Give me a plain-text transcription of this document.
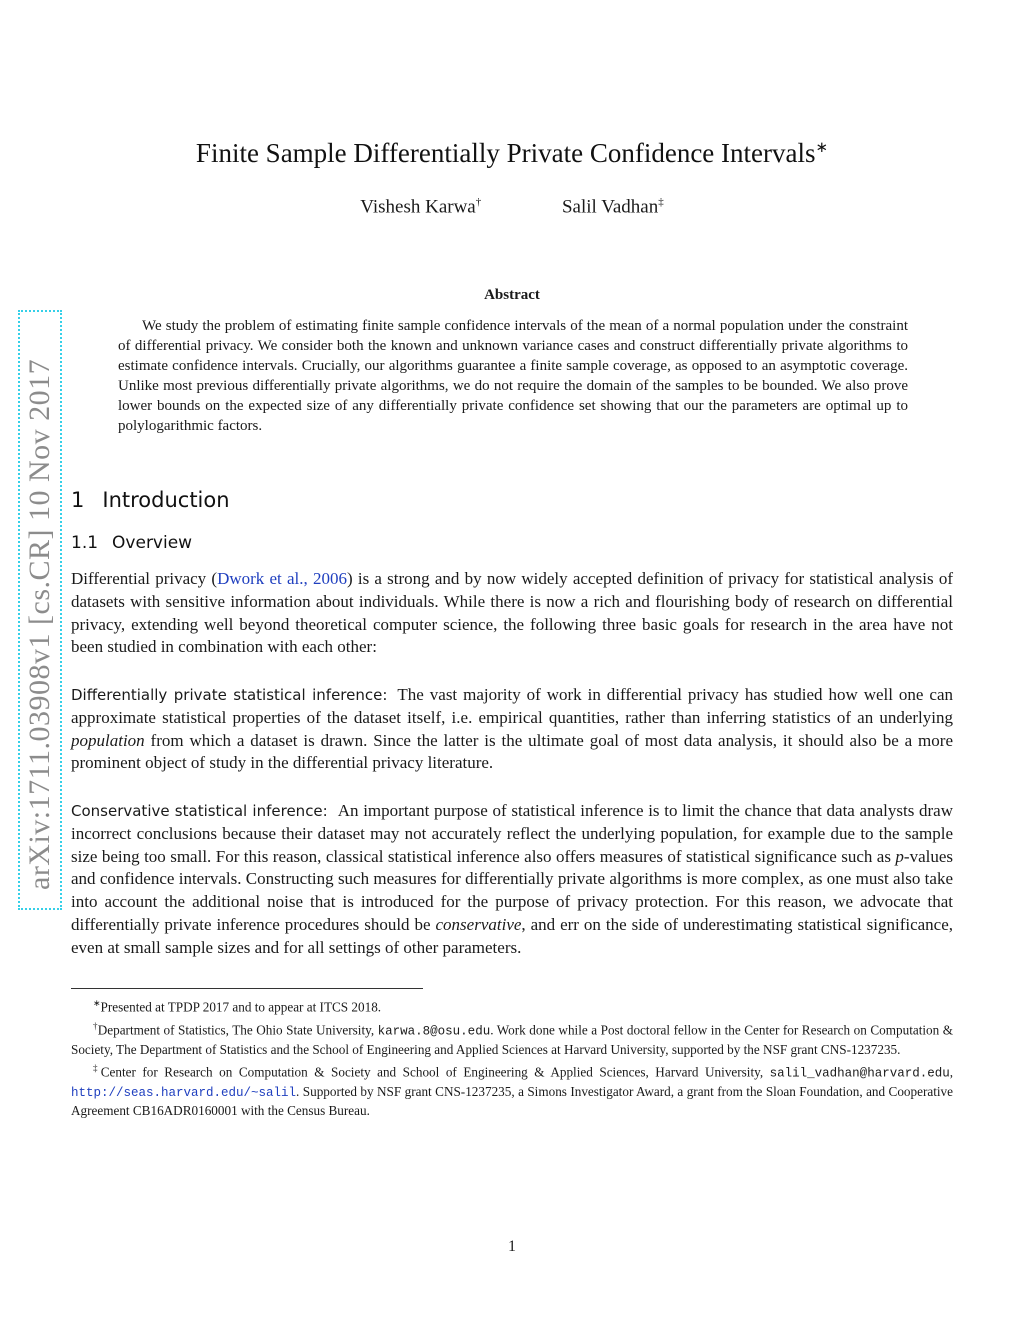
arXiv:1711.03908v1 [cs.CR] 10 Nov 2017
Finite Sample Differentially Private Confidence Intervals∗
Vishesh Karwa†	Salil Vadhan‡
Abstract
We study the problem of estimating finite sample confidence intervals of the mean of a normal population under the constraint of differential privacy. We consider both the known and unknown variance cases and construct differentially private algorithms to estimate confidence intervals. Crucially, our algorithms guarantee a finite sample coverage, as opposed to an asymptotic coverage. Unlike most previous differentially private algorithms, we do not require the domain of the samples to be bounded. We also prove lower bounds on the expected size of any differentially private confidence set showing that our the parameters are optimal up to polylogarithmic factors.
1 Introduction
1.1 Overview
Differential privacy (Dwork et al., 2006) is a strong and by now widely accepted definition of privacy for statistical analysis of datasets with sensitive information about individuals. While there is now a rich and flourishing body of research on differential privacy, extending well beyond theoretical computer science, the following three basic goals for research in the area have not been studied in combination with each other:
Differentially private statistical inference: The vast majority of work in differential privacy has studied how well one can approximate statistical properties of the dataset itself, i.e. empirical quantities, rather than inferring statistics of an underlying population from which a dataset is drawn. Since the latter is the ultimate goal of most data analysis, it should also be a more prominent object of study in the differential privacy literature.
Conservative statistical inference: An important purpose of statistical inference is to limit the chance that data analysts draw incorrect conclusions because their dataset may not accurately reflect the underlying population, for example due to the sample size being too small. For this reason, classical statistical inference also offers measures of statistical significance such as p-values and confidence intervals. Constructing such measures for differentially private algorithms is more complex, as one must also take into account the additional noise that is introduced for the purpose of privacy protection. For this reason, we advocate that differentially private inference procedures should be conservative, and err on the side of underestimating statistical significance, even at small sample sizes and for all settings of other parameters.

∗Presented at TPDP 2017 and to appear at ITCS 2018.

†Department of Statistics, The Ohio State University, karwa.8@osu.edu. Work done while a Post doctoral fellow in the Center for Research on Computation & Society, The Department of Statistics and the School of Engineering and Applied Sciences at Harvard University, supported by the NSF grant CNS-1237235.

‡Center for Research on Computation & Society and School of Engineering & Applied Sciences, Harvard University, salil_vadhan@harvard.edu, http://seas.harvard.edu/~salil. Supported by NSF grant CNS-1237235, a Simons Investigator Award, a grant from the Sloan Foundation, and Cooperative Agreement CB16ADR0160001 with the Census Bureau.

1
